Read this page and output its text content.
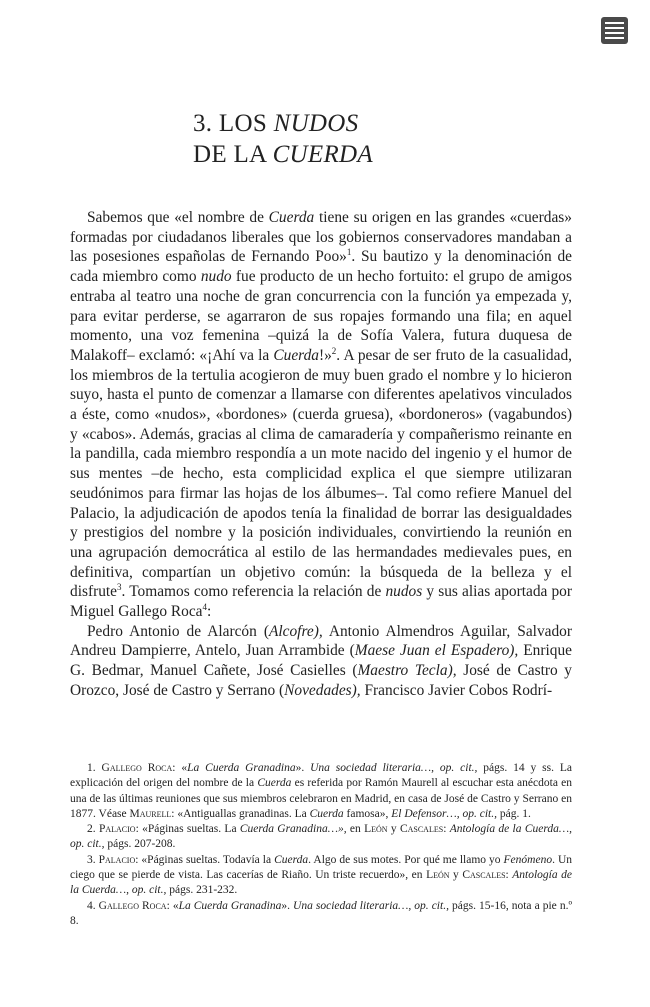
3. LOS NUDOS
DE LA CUERDA

Sabemos que «el nombre de Cuerda tiene su origen en las grandes «cuerdas» formadas por ciudadanos liberales que los gobiernos conservadores mandaban a las posesiones españolas de Fernando Poo»$^1$. Su bautizo y la denominación de cada miembro como nudo fue producto de un hecho fortuito: el grupo de amigos entraba al teatro una noche de gran concurrencia con la función ya empezada y, para evitar perderse, se agarraron de sus ropajes formando una fila; en aquel momento, una voz femenina –quizá la de Sofía Valera, futura duquesa de Malakoff– exclamó: «¡Ahí va la Cuerda!»$^2$. A pesar de ser fruto de la casualidad, los miembros de la tertulia acogieron de muy buen grado el nombre y lo hicieron suyo, hasta el punto de comenzar a llamarse con diferentes apelativos vinculados a éste, como «nudos», «bordones» (cuerda gruesa), «bordoneros» (vagabundos) y «cabos». Además, gracias al clima de camaradería y compañerismo reinante en la pandilla, cada miembro respondía a un mote nacido del ingenio y el humor de sus mentes –de hecho, esta complicidad explica el que siempre utilizaran seudónimos para firmar las hojas de los álbumes–. Tal como refiere Manuel del Palacio, la adjudicación de apodos tenía la finalidad de borrar las desigualdades y prestigios del nombre y la posición individuales, convirtiendo la reunión en una agrupación democrática al estilo de las hermandades medievales pues, en definitiva, compartían un objetivo común: la búsqueda de la belleza y el disfrute$^3$. Tomamos como referencia la relación de nudos y sus alias aportada por Miguel Gallego Roca$^4$:

Pedro Antonio de Alarcón (Alcofre), Antonio Almendros Aguilar, Salvador Andreu Dampierre, Antelo, Juan Arrambide (Maese Juan el Espadero), Enrique G. Bedmar, Manuel Cañete, José Casielles (Maestro Tecla), José de Castro y Orozco, José de Castro y Serrano (Novedades), Francisco Javier Cobos Rodrí-

1. Gallego Roca: «La Cuerda Granadina». Una sociedad literaria…, op. cit., págs. 14 y ss. La explicación del origen del nombre de la Cuerda es referida por Ramón Maurell al escuchar esta anécdota en una de las últimas reuniones que sus miembros celebraron en Madrid, en casa de José de Castro y Serrano en 1877. Véase Maurell: «Antiguallas granadinas. La Cuerda famosa», El Defensor…, op. cit., pág. 1.

2. Palacio: «Páginas sueltas. La Cuerda Granadina…», en León y Cascales: Antología de la Cuerda…, op. cit., págs. 207-208.

3. Palacio: «Páginas sueltas. Todavía la Cuerda. Algo de sus motes. Por qué me llamo yo Fenómeno. Un ciego que se pierde de vista. Las cacerías de Riaño. Un triste recuerdo», en León y Cascales: Antología de la Cuerda…, op. cit., págs. 231-232.

4. Gallego Roca: «La Cuerda Granadina». Una sociedad literaria…, op. cit., págs. 15-16, nota a pie n.º 8.
